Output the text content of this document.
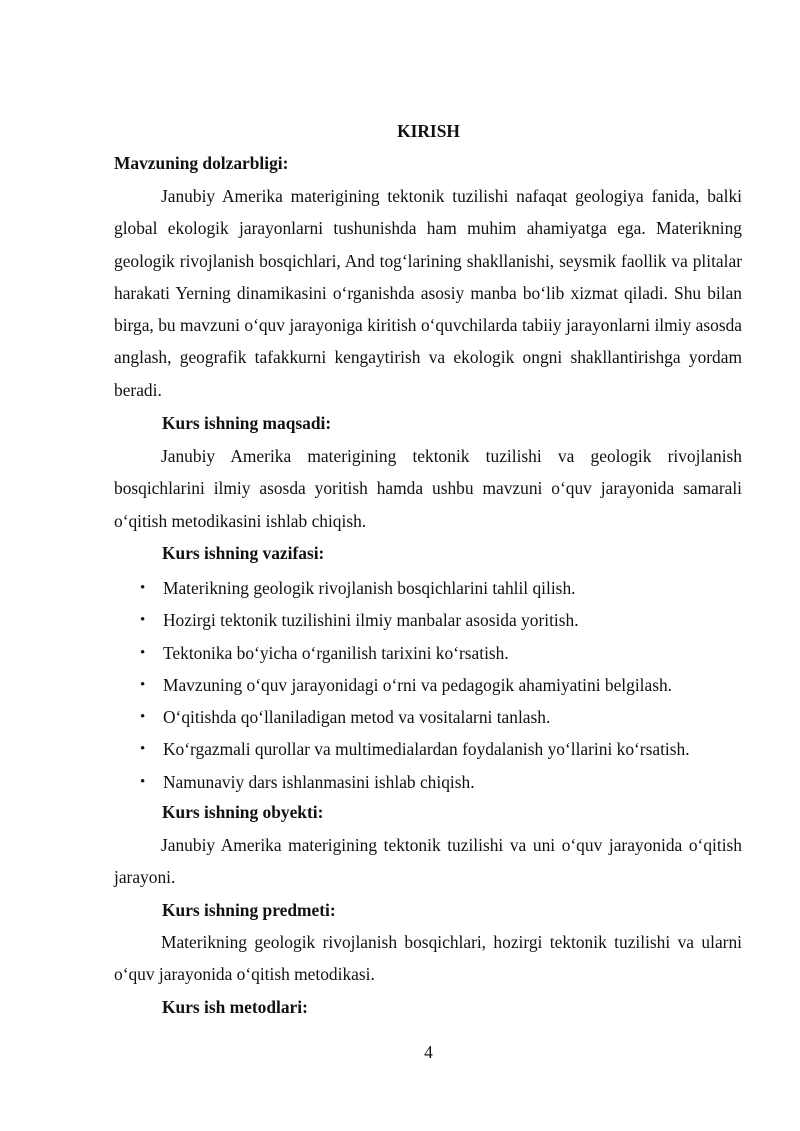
KIRISH
Mavzuning dolzarbligi:

Janubiy Amerika materigining tektonik tuzilishi nafaqat geologiya fanida, balki global ekologik jarayonlarni tushunishda ham muhim ahamiyatga ega. Materikning geologik rivojlanish bosqichlari, And tog‘larining shakllanishi, seysmik faollik va plitalar harakati Yerning dinamikasini o‘rganishda asosiy manba bo‘lib xizmat qiladi. Shu bilan birga, bu mavzuni o‘quv jarayoniga kiritish o‘quvchilarda tabiiy jarayonlarni ilmiy asosda anglash, geografik tafakkurni kengaytirish va ekologik ongni shakllantirishga yordam beradi.

Kurs ishning maqsadi:

Janubiy Amerika materigining tektonik tuzilishi va geologik rivojlanish bosqichlarini ilmiy asosda yoritish hamda ushbu mavzuni o‘quv jarayonida samarali o‘qitish metodikasini ishlab chiqish.

Kurs ishning vazifasi:
• Materikning geologik rivojlanish bosqichlarini tahlil qilish.
• Hozirgi tektonik tuzilishini ilmiy manbalar asosida yoritish.
• Tektonika bo‘yicha o‘rganilish tarixini ko‘rsatish.
• Mavzuning o‘quv jarayonidagi o‘rni va pedagogik ahamiyatini belgilash.
• O‘qitishda qo‘llaniladigan metod va vositalarni tanlash.
• Ko‘rgazmali qurollar va multimedialardan foydalanish yo‘llarini ko‘rsatish.
• Namunaviy dars ishlanmasini ishlab chiqish.
Kurs ishning obyekti:

Janubiy Amerika materigining tektonik tuzilishi va uni o‘quv jarayonida o‘qitish jarayoni.

Kurs ishning predmeti:

Materikning geologik rivojlanish bosqichlari, hozirgi tektonik tuzilishi va ularni o‘quv jarayonida o‘qitish metodikasi.

Kurs ish metodlari:
4
